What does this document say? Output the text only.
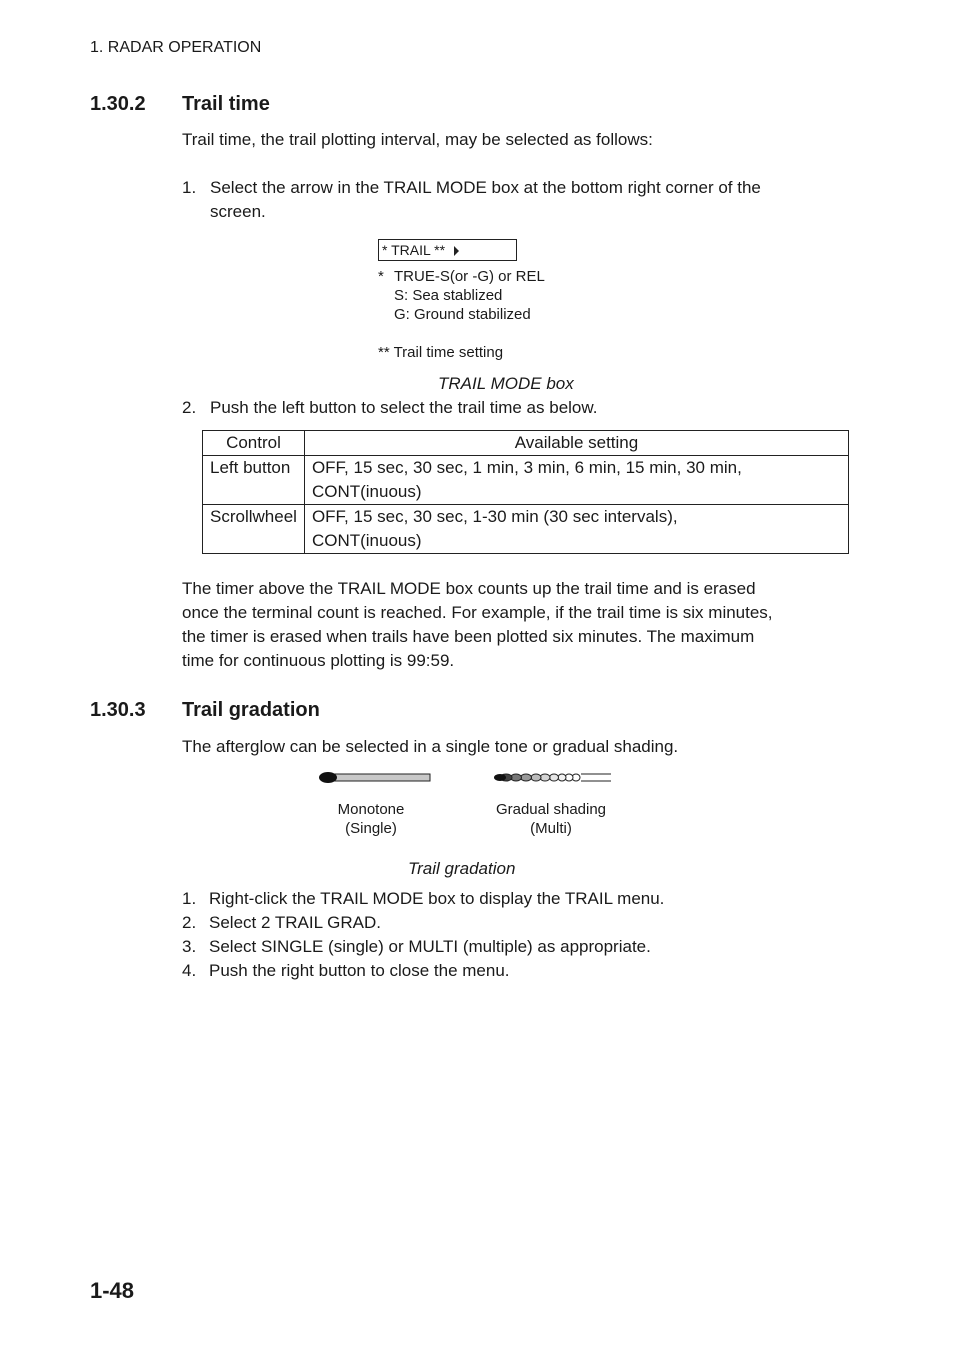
1. RADAR OPERATION
1.30.2 Trail time
Trail time, the trail plotting interval, may be selected as follows:
1. Select the arrow in the TRAIL MODE box at the bottom right corner of the
screen.
* TRAIL **
* TRUE-S(or -G) or REL
S: Sea stablized
G: Ground stabilized
** Trail time setting
TRAIL MODE box
2. Push the left button to select the trail time as below.
Control	Available setting
Left button	OFF, 15 sec, 30 sec, 1 min, 3 min, 6 min, 15 min, 30 min,
CONT(inuous)

Scrollwheel	OFF, 15 sec, 30 sec, 1-30 min (30 sec intervals),
CONT(inuous)
The timer above the TRAIL MODE box counts up the trail time and is erased
once the terminal count is reached. For example, if the trail time is six minutes,
the timer is erased when trails have been plotted six minutes. The maximum
time for continuous plotting is 99:59.
1.30.3 Trail gradation
The afterglow can be selected in a single tone or gradual shading.
Monotone
(Single)
Gradual shading
(Multi)
Trail gradation
1. Right-click the TRAIL MODE box to display the TRAIL menu.
2. Select 2 TRAIL GRAD.
3. Select SINGLE (single) or MULTI (multiple) as appropriate.
4. Push the right button to close the menu.
1-48
